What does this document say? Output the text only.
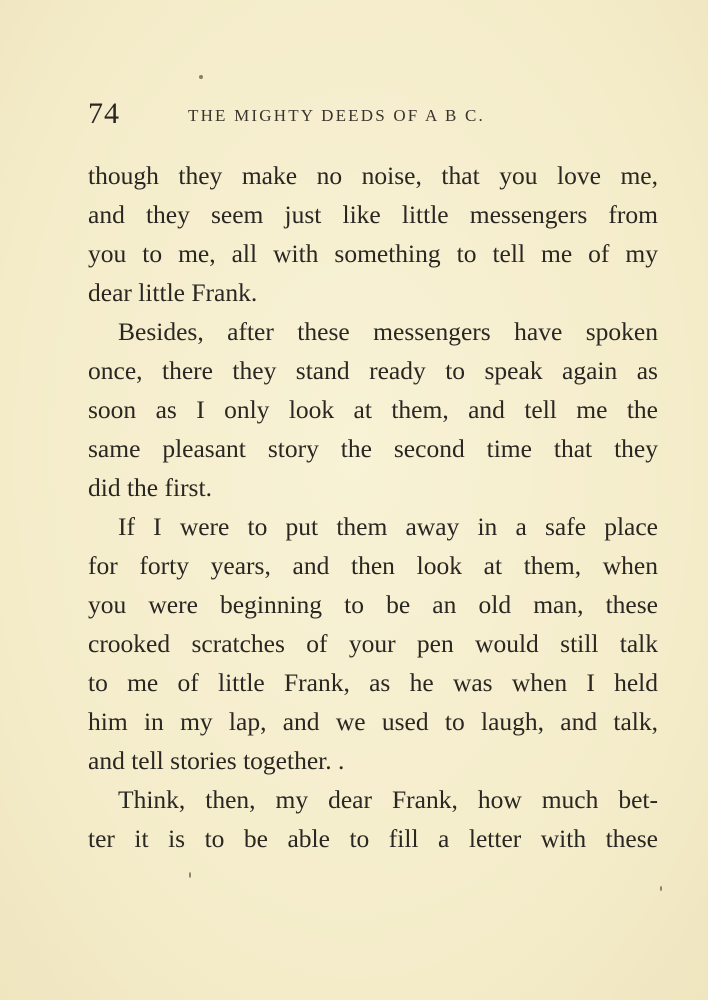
74	THE MIGHTY DEEDS OF A B C.
though they make no noise, that you love me,
and they seem just like little messengers from
you to me, all with something to tell me of my
dear little Frank.
Besides, after these messengers have spoken
once, there they stand ready to speak again as
soon as I only look at them, and tell me the
same pleasant story the second time that they
did the first.
If I were to put them away in a safe place
for forty years, and then look at them, when
you were beginning to be an old man, these
crooked scratches of your pen would still talk
to me of little Frank, as he was when I held
him in my lap, and we used to laugh, and talk,
and tell stories together. .
Think, then, my dear Frank, how much bet-
ter it is to be able to fill a letter with these
